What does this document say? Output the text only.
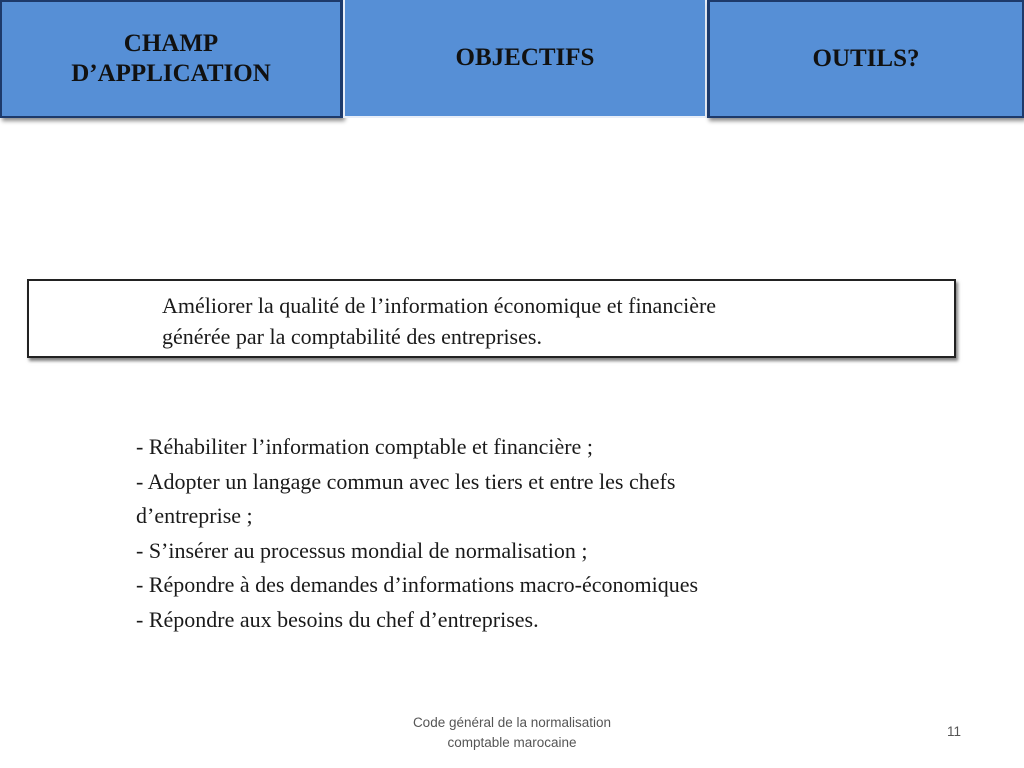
CHAMP
D’APPLICATION
OBJECTIFS	OUTILS?
Améliorer la qualité de l’information économique et financière
générée par la comptabilité des entreprises.
- Réhabiliter l’information comptable et financière ;
- Adopter un langage commun avec les tiers et entre les chefs
d’entreprise ;
- S’insérer au processus mondial de normalisation ;
- Répondre à des demandes d’informations macro-économiques
- Répondre aux besoins du chef d’entreprises.
Code général de la normalisation
comptable marocaine
11
